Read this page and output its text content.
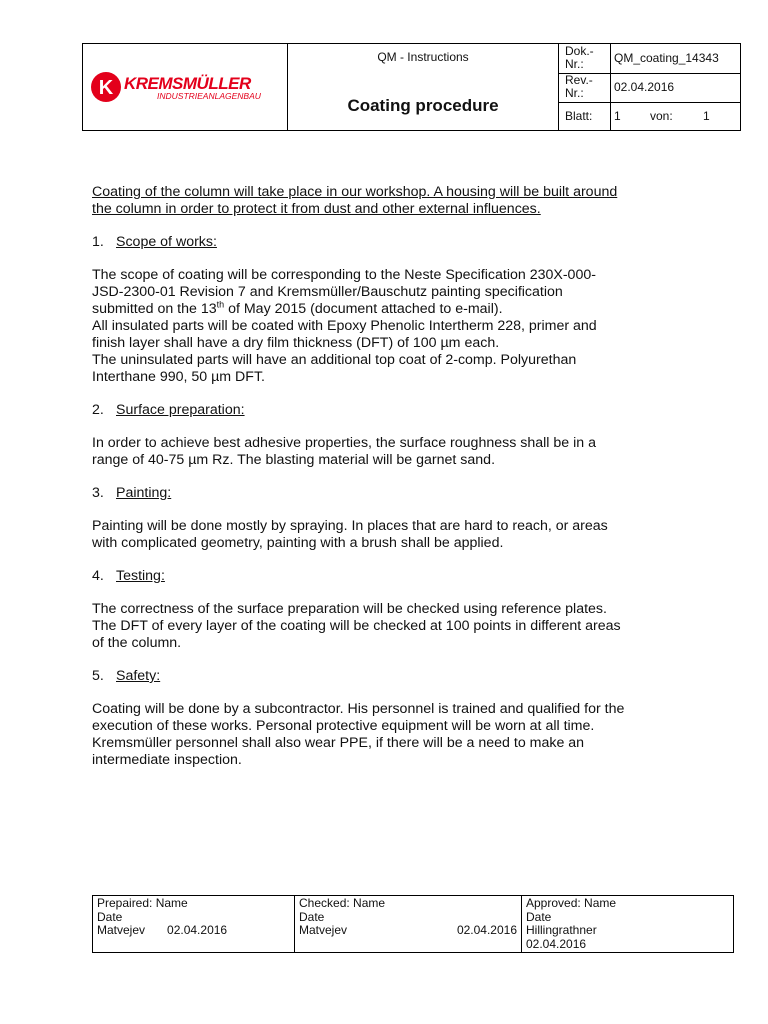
K KREMSMÜLLER
INDUSTRIEANLAGENBAU
QM - Instructions
Coating procedure
Dok.-
Nr.:	QM_coating_14343
Rev.-
Nr.:	02.04.2016
Blatt: 1 von:	1

Coating of the column will take place in our workshop. A housing will be built around

the column in order to protect it from dust and other external influences.

1. Scope of works:

The scope of coating will be corresponding to the Neste Specification 230X-000-

JSD-2300-01 Revision 7 and Kremsmüller/Bauschutz painting specification

submitted on the 13th of May 2015 (document attached to e-mail).

All insulated parts will be coated with Epoxy Phenolic Intertherm 228, primer and

finish layer shall have a dry film thickness (DFT) of 100 µm each.

The uninsulated parts will have an additional top coat of 2-comp. Polyurethan

Interthane 990, 50 µm DFT.

2. Surface preparation:

In order to achieve best adhesive properties, the surface roughness shall be in a

range of 40-75 µm Rz. The blasting material will be garnet sand.

3. Painting:

Painting will be done mostly by spraying. In places that are hard to reach, or areas

with complicated geometry, painting with a brush shall be applied.

4. Testing:

The correctness of the surface preparation will be checked using reference plates.

The DFT of every layer of the coating will be checked at 100 points in different areas

of the column.

5. Safety:

Coating will be done by a subcontractor. His personnel is trained and qualified for the

execution of these works. Personal protective equipment will be worn at all time.

Kremsmüller personnel shall also wear PPE, if there will be a need to make an

intermediate inspection.

Prepaired: Name
Date
Matvejev 02.04.2016
Checked: Name
Date
Matvejev	02.04.2016
Approved: Name
Date
Hillingrathner
02.04.2016
